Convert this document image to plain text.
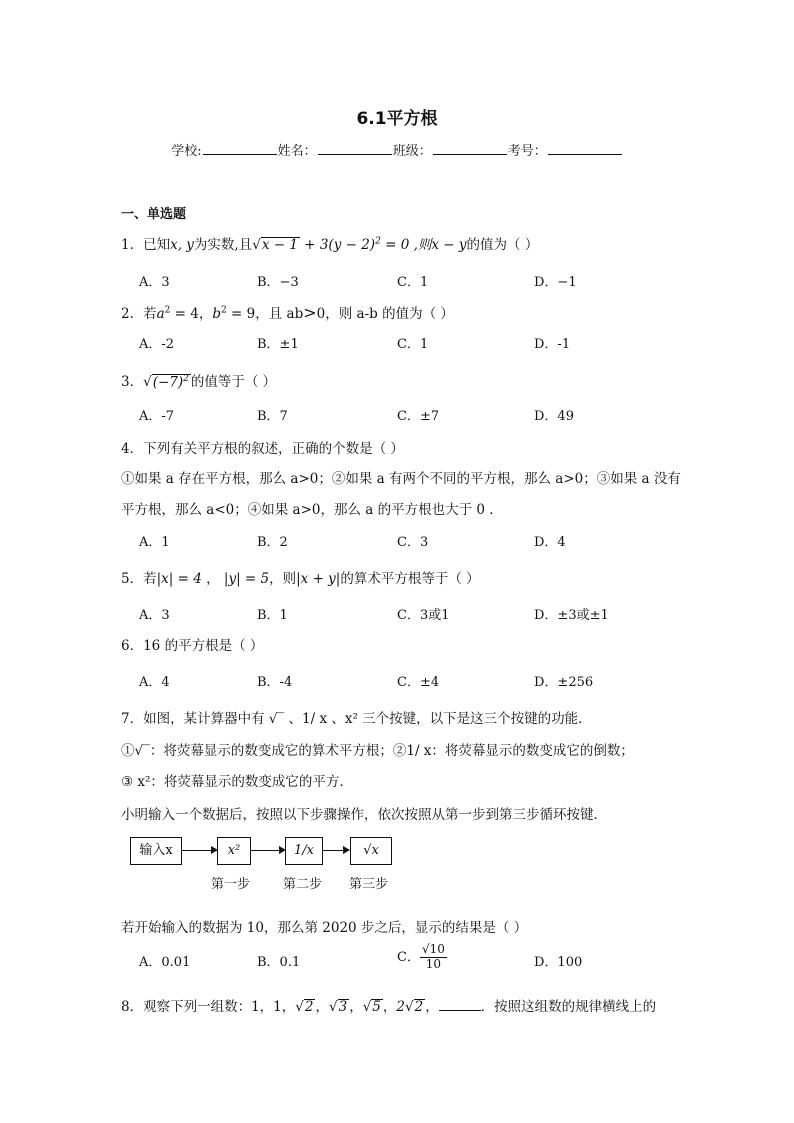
6.1平方根
学校:	姓名：	班级：	考号：
一、单选题
1．已知x, y为实数,且$√x - 1 + 3(y - 2)^2 = 0$ ,则x − y的值为（ ）
A．3	B．−3	C．1	D．−1
2．若$a^2 = 4$，$b^2 = 9$，且 ab>0，则 a-b 的值为（ ）
A．-2	B．±1	C．1	D．-1
3．$√(-7)^2$ 的值等于（ ）
A．-7	B．7	C．±7	D．49
4．下列有关平方根的叙述，正确的个数是（ ）
①如果 a 存在平方根，那么 a>0；②如果 a 有两个不同的平方根，那么 a>0；③如果 a 没有
平方根，那么 a<0；④如果 a>0，那么 a 的平方根也大于 0 ．
A．1	B．2	C．3	D．4
5．若|x| = 4 ， |y| = 5，则|x + y|的算术平方根等于（ ）
A．3	B．1	C．3或1	D．±3或±1
6．16 的平方根是（ ）
A．4	B．-4	C．±4	D．±256
7．如图，某计算器中有 √‾ 、1/ x 、x² 三个按键，以下是这三个按键的功能．
①√‾：将荧幕显示的数变成它的算术平方根；②1/ x：将荧幕显示的数变成它的倒数；
③ x²：将荧幕显示的数变成它的平方．
小明输入一个数据后，按照以下步骤操作，依次按照从第一步到第三步循环按键．
输入x	x²	1/x	√x
第一步	第二步 第三步
若开始输入的数据为 10，那么第 2020 步之后，显示的结果是（ ）
A．0.01	B．0.1	C． $\frac{√10}{10}$	D．100
8．观察下列一组数：1，1，√2 ，√3 ，√5 ，2√2 ，	．按照这组数的规律横线上的
